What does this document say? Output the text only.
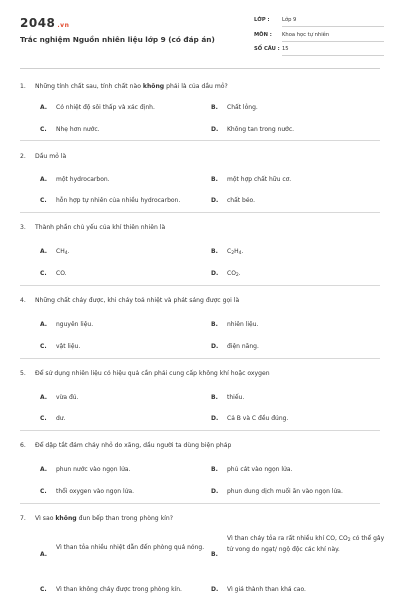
2048 .vn
Trắc nghiệm Nguồn nhiên liệu lớp 9 (có đáp án)
LỚP : Lớp 9
MÔN : Khoa học tự nhiên
SỐ CÂU : 15
1. Những tính chất sau, tính chất nào không phải là của dầu mỏ?
A. Có nhiệt độ sôi thấp và xác định.	B. Chất lỏng.
C. Nhẹ hơn nước.	D. Không tan trong nước.
2. Dầu mỏ là
A. một hydrocarbon.	B. một hợp chất hữu cơ.
C. hỗn hợp tự nhiên của nhiều hydrocarbon.	D. chất béo.
3. Thành phần chủ yếu của khí thiên nhiên là
A. $CH_4$.	B. $C_2H_4$.
C. CO.	D. $CO_2$.
4. Những chất cháy được, khi cháy toả nhiệt và phát sáng được gọi là
A. nguyên liệu.	B. nhiên liệu.
C. vật liệu.	D. điện năng.
5. Để sử dụng nhiên liệu có hiệu quả cần phải cung cấp không khí hoặc oxygen
A. vừa đủ.	B. thiếu.
C. dư.	D. Cả B và C đều đúng.
6. Để dập tắt đám cháy nhỏ do xăng, dầu người ta dùng biện pháp
A. phun nước vào ngọn lửa.	B. phủ cát vào ngọn lửa.
C. thổi oxygen vào ngọn lửa.	D. phun dung dịch muối ăn vào ngọn lửa.
7. Vì sao không đun bếp than trong phòng kín?
A.
Vì than tỏa nhiều nhiệt dẫn đến phòng quá nóng.
B.
Vì than cháy tỏa ra rất nhiều khí CO, $CO_2$ có thể gây tử vong do ngạt/ ngộ độc các khí này.
C. Vì than không cháy được trong phòng kín.	D. Vì giá thành than khá cao.
